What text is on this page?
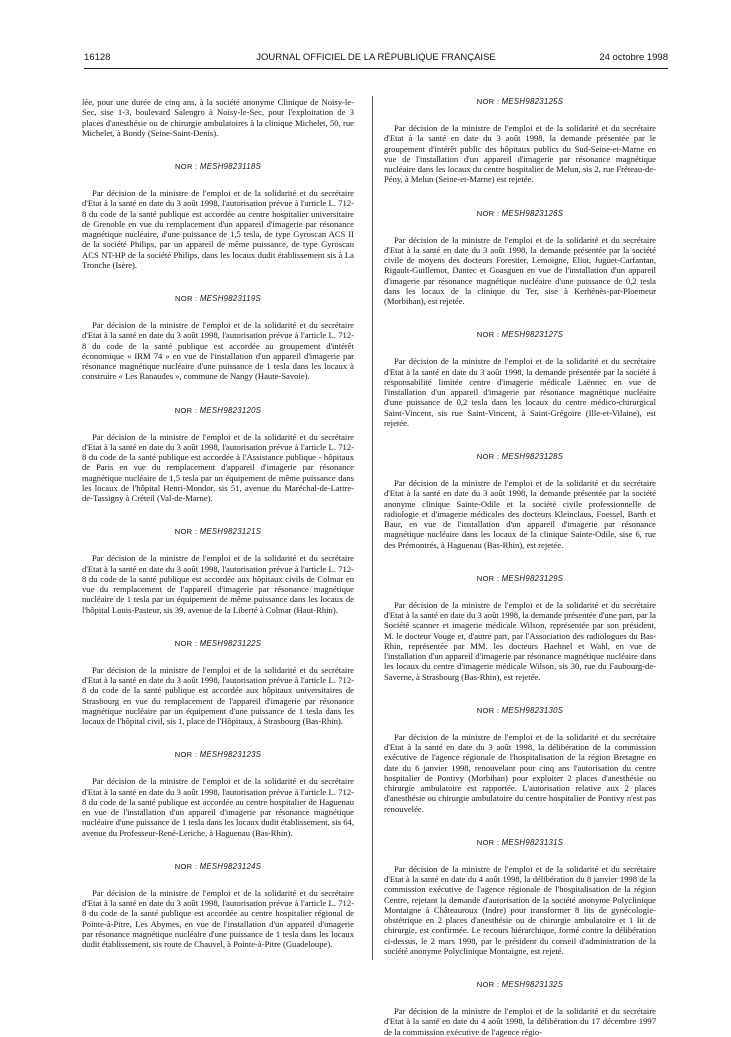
16128	JOURNAL OFFICIEL DE LA RÉPUBLIQUE FRANÇAISE	24 octobre 1998

lée, pour une durée de cinq ans, à la société anonyme Clinique de Noisy-le-Sec, sise 1-3, boulevard Salengro à Noisy-le-Sec, pour l'exploitation de 3 places d'anesthésie ou de chirurgie ambulatoires à la clinique Michelet, 50, rue Michelet, à Bondy (Seine-Saint-Denis).

NOR : MESH9823118S

Par décision de la ministre de l'emploi et de la solidarité et du secrétaire d'Etat à la santé en date du 3 août 1998, l'autorisation prévue à l'article L. 712-8 du code de la santé publique est accordée au centre hospitalier universitaire de Grenoble en vue du remplacement d'un appareil d'imagerie par résonance magnétique nucléaire, d'une puissance de 1,5 tesla, de type Gyroscan ACS II de la société Philips, par un appareil de même puissance, de type Gyroscan ACS NT-HP de la société Philips, dans les locaux dudit établissement sis à La Tronche (Isère).

NOR : MESH9823119S

Par décision de la ministre de l'emploi et de la solidarité et du secrétaire d'Etat à la santé en date du 3 août 1998, l'autorisation prévue à l'article L. 712-8 du code de la santé publique est accordée au groupement d'intérêt économique « IRM 74 » en vue de l'installation d'un appareil d'imagerie par résonance magnétique nucléaire d'une puissance de 1 tesla dans les locaux à construire « Les Ranaudes », commune de Nangy (Haute-Savoie).

NOR : MESH9823120S

Par décision de la ministre de l'emploi et de la solidarité et du secrétaire d'Etat à la santé en date du 3 août 1998, l'autorisation prévue à l'article L. 712-8 du code de la santé publique est accordée à l'Assistance publique - hôpitaux de Paris en vue du remplacement d'appareil d'imagerie par résonance magnétique nucléaire de 1,5 tesla par un équipement de même puissance dans les locaux de l'hôpital Henri-Mondor, sis 51, avenue du Maréchal-de-Lattre-de-Tassigny à Créteil (Val-de-Marne).

NOR : MESH9823121S

Par décision de la ministre de l'emploi et de la solidarité et du secrétaire d'Etat à la santé en date du 3 août 1998, l'autorisation prévue à l'article L. 712-8 du code de la santé publique est accordée aux hôpitaux civils de Colmar en vue du remplacement de l'appareil d'imagerie par résonance magnétique nucléaire de 1 tesla par un équipement de même puissance dans les locaux de l'hôpital Louis-Pasteur, sis 39, avenue de la Liberté à Colmar (Haut-Rhin).

NOR : MESH9823122S

Par décision de la ministre de l'emploi et de la solidarité et du secrétaire d'Etat à la santé en date du 3 août 1998, l'autorisation prévue à l'article L. 712-8 du code de la santé publique est accordée aux hôpitaux universitaires de Strasbourg en vue du remplacement de l'appareil d'imagerie par résonance magnétique nucléaire par un équipement d'une puissance de 1 tesla dans les locaux de l'hôpital civil, sis 1, place de l'Hôpitaux, à Strasbourg (Bas-Rhin).

NOR : MESH9823123S

Par décision de la ministre de l'emploi et de la solidarité et du secrétaire d'Etat à la santé en date du 3 août 1998, l'autorisation prévue à l'article L. 712-8 du code de la santé publique est accordée au centre hospitalier de Haguenau en vue de l'installation d'un appareil d'imagerie par résonance magnétique nucléaire d'une puissance de 1 tesla dans les locaux dudit établissement, sis 64, avenue du Professeur-René-Leriche, à Haguenau (Bas-Rhin).

NOR : MESH9823124S

Par décision de la ministre de l'emploi et de la solidarité et du secrétaire d'Etat à la santé en date du 3 août 1998, l'autorisation prévue à l'article L. 712-8 du code de la santé publique est accordée au centre hospitalier régional de Pointe-à-Pitre, Les Abymes, en vue de l'installation d'un appareil d'imagerie par résonance magnétique nucléaire d'une puissance de 1 tesla dans les locaux dudit établissement, sis route de Chauvel, à Pointe-à-Pitre (Guadeloupe).

NOR : MESH9823125S

Par décision de la ministre de l'emploi et de la solidarité et du secrétaire d'Etat à la santé en date du 3 août 1998, la demande présentée par le groupement d'intérêt public des hôpitaux publics du Sud-Seine-et-Marne en vue de l'installation d'un appareil d'imagerie par résonance magnétique nucléaire dans les locaux du centre hospitalier de Melun, sis 2, rue Fréteau-de-Pény, à Melun (Seine-et-Marne) est rejetée.

NOR : MESH9823126S

Par décision de la ministre de l'emploi et de la solidarité et du secrétaire d'Etat à la santé en date du 3 août 1998, la demande présentée par la société civile de moyens des docteurs Forestier, Lemoigne, Eliot, Juguet-Carfantan, Rigault-Guillemot, Dantec et Goasguen en vue de l'installation d'un appareil d'imagerie par résonance magnétique nucléaire d'une puissance de 0,2 tesla dans les locaux de la clinique du Ter, sise à Kerhénès-par-Ploemeur (Morbihan), est rejetée.

NOR : MESH9823127S

Par décision de la ministre de l'emploi et de la solidarité et du secrétaire d'Etat à la santé en date du 3 août 1998, la demande présentée par la société à responsabilité limitée centre d'imagerie médicale Laënnec en vue de l'installation d'un appareil d'imagerie par résonance magnétique nucléaire d'une puissance de 0,2 tesla dans les locaux du centre médico-chirurgical Saint-Vincent, sis rue Saint-Vincent, à Saint-Grégoire (Ille-et-Vilaine), est rejetée.

NOR : MESH9823128S

Par décision de la ministre de l'emploi et de la solidarité et du secrétaire d'Etat à la santé en date du 3 août 1998, la demande présentée par la société anonyme clinique Sainte-Odile et la société civile professionnelle de radiologie et d'imagerie médicales des docteurs Kleinclaus, Foessel, Barth et Baur, en vue de l'installation d'un appareil d'imagerie par résonance magnétique nucléaire dans les locaux de la clinique Sainte-Odile, sise 6, rue des Prémontrés, à Haguenau (Bas-Rhin), est rejetée.

NOR : MESH9823129S

Par décision de la ministre de l'emploi et de la solidarité et du secrétaire d'Etat à la santé en date du 3 août 1998, la demande présentée d'une part, par la Société scanner et imagerie médicale Wilson, représentée par son président, M. le docteur Vouge et, d'autre part, par l'Association des radiologues du Bas-Rhin, représentée par MM. les docteurs Haehnel et Wahl, en vue de l'installation d'un appareil d'imagerie par résonance magnétique nucléaire dans les locaux du centre d'imagerie médicale Wilson, sis 30, rue du Faubourg-de-Saverne, à Strasbourg (Bas-Rhin), est rejetée.

NOR : MESH9823130S

Par décision de la ministre de l'emploi et de la solidarité et du secrétaire d'Etat à la santé en date du 3 août 1998, la délibération de la commission exécutive de l'agence régionale de l'hospitalisation de la région Bretagne en date du 6 janvier 1998, renouvelant pour cinq ans l'autorisation du centre hospitalier de Pontivy (Morbihan) pour exploiter 2 places d'anesthésie ou chirurgie ambulatoire est rapportée. L'autorisation relative aux 2 places d'anesthésie ou chirurgie ambulatoire du centre hospitalier de Pontivy n'est pas renouvelée.

NOR : MESH9823131S

Par décision de la ministre de l'emploi et de la solidarité et du secrétaire d'Etat à la santé en date du 4 août 1998, la délibération du 8 janvier 1998 de la commission exécutive de l'agence régionale de l'hospitalisation de la région Centre, rejetant la demande d'autorisation de la société anonyme Polyclinique Montaigne à Châteauroux (Indre) pour transformer 8 lits de gynécologie-obstétrique en 2 places d'anesthésie ou de chirurgie ambulatoire et 1 lit de chirurgie, est confirmée. Le recours hiérarchique, formé contre la délibération ci-dessus, le 2 mars 1998, par le président du conseil d'administration de la société anonyme Polyclinique Montaigne, est rejeté.

NOR : MESH9823132S

Par décision de la ministre de l'emploi et de la solidarité et du secrétaire d'Etat à la santé en date du 4 août 1998, la délibération du 17 décembre 1997 de la commission exécutive de l'agence régio-
